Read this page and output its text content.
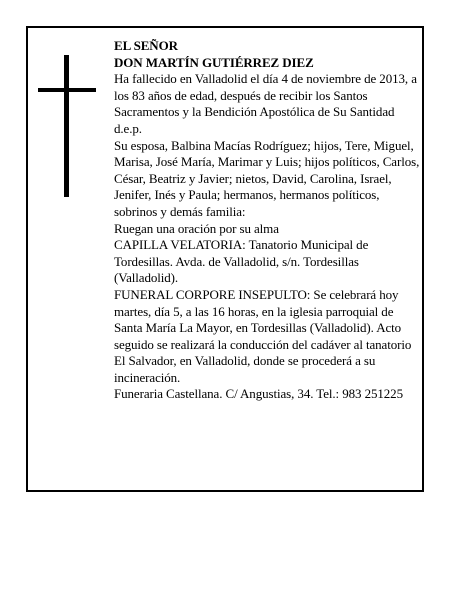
EL SEÑOR

DON MARTÍN GUTIÉRREZ DIEZ

Ha fallecido en Valladolid el día 4 de noviembre de 2013, a los 83 años de edad, después de recibir los Santos Sacramentos y la Bendición Apostólica de Su Santidad

d.e.p.

Su esposa, Balbina Macías Rodríguez; hijos, Tere, Miguel, Marisa, José María, Marimar y Luis; hijos políticos, Carlos, César, Beatriz y Javier; nietos, David, Carolina, Israel, Jenifer, Inés y Paula; hermanos, hermanos políticos, sobrinos y demás familia:

Ruegan una oración por su alma

CAPILLA VELATORIA: Tanatorio Municipal de Tordesillas. Avda. de Valladolid, s/n. Tordesillas (Valladolid).

FUNERAL CORPORE INSEPULTO: Se celebrará hoy martes, día 5, a las 16 horas, en la iglesia parroquial de Santa María La Mayor, en Tordesillas (Valladolid). Acto seguido se realizará la conducción del cadáver al tanatorio El Salvador, en Valladolid, donde se procederá a su incineración.

Funeraria Castellana. C/ Angustias, 34. Tel.: 983 251225
